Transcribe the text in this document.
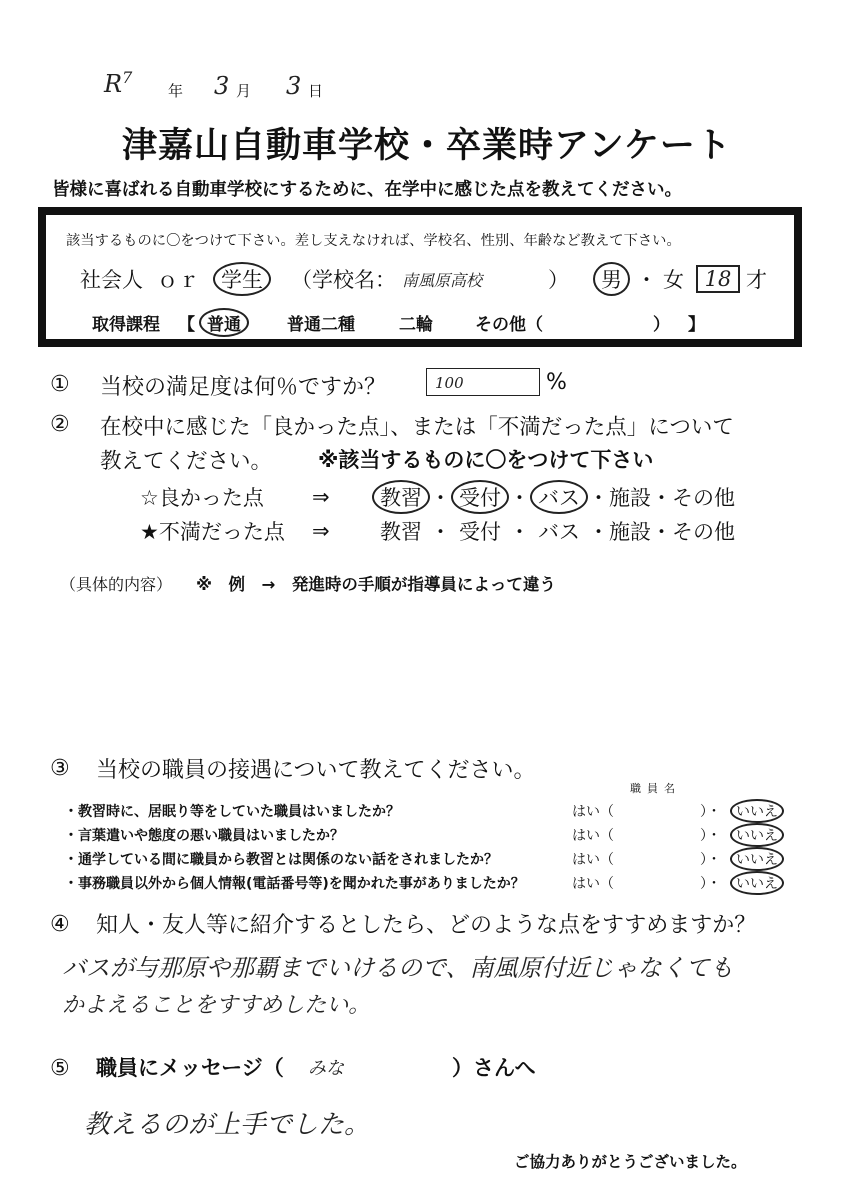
$R^7$
年 3 月 3 日
津嘉山自動車学校・卒業時アンケート
皆様に喜ばれる自動車学校にするために、在学中に感じた点を教えてください。
該当するものに〇をつけて下さい。差し支えなければ、学校名、性別、年齢など教えて下さい。
社会人 ｏｒ	学生	（学校名： 南風原高校	）	男 ・ 女 18 才
取得課程 【 普通	普通二種	二輪 その他（	） 】
① 当校の満足度は何％ですか？	100	%
② 在校中に感じた「良かった点」、または「不満だった点」について
教えてください。 ※該当するものに〇をつけて下さい
☆良かった点	⇒	教習 ・ 受付 ・ バス ・ 施設 ・ その他
★不満だった点	⇒	教習 ・ 受付 ・ バス ・ 施設 ・ その他
（具体的内容） ※　例　→　発進時の手順が指導員によって違う
③ 当校の職員の接遇について教えてください。
職員名
・教習時に、居眠り等をしていた職員はいましたか？	はい（	）・	いいえ
・言葉遣いや態度の悪い職員はいましたか？	はい（	）・	いいえ
・通学している間に職員から教習とは関係のない話をされましたか？	はい（	）・	いいえ
・事務職員以外から個人情報(電話番号等)を聞かれた事がありましたか？	はい（	）・	いいえ
④ 知人・友人等に紹介するとしたら、どのような点をすすめますか？
バスが与那原や那覇までいけるので、南風原付近じゃなくても
かよえることをすすめしたい。
⑤ 職員にメッセージ（ みな	）さんへ
教えるのが上手でした。
ご協力ありがとうございました。
